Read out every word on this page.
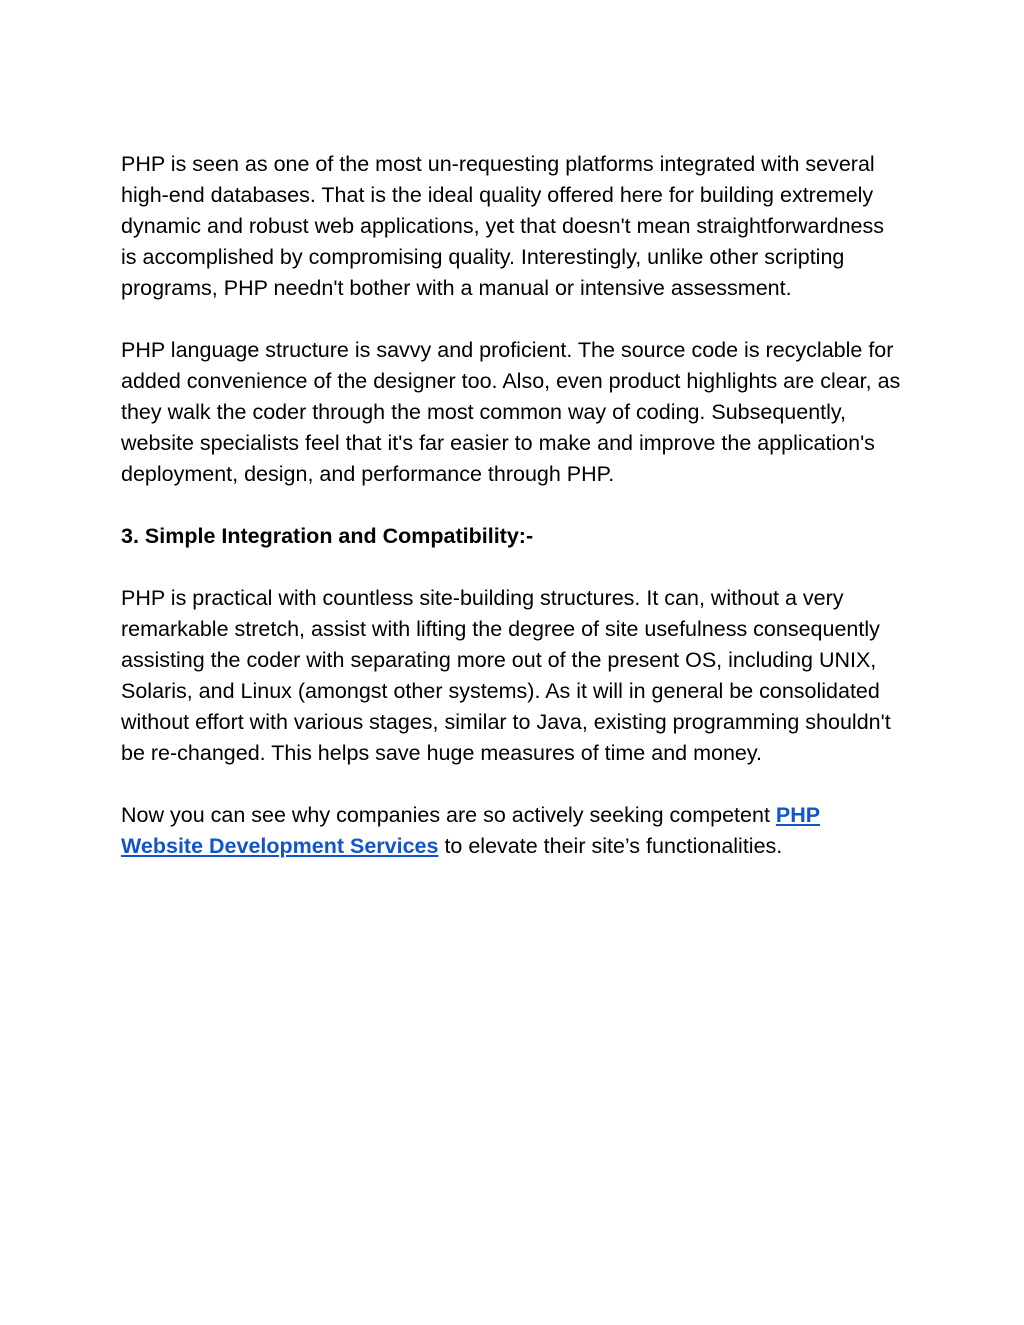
PHP is seen as one of the most un-requesting platforms integrated with several high-end databases. That is the ideal quality offered here for building extremely dynamic and robust web applications, yet that doesn't mean straightforwardness is accomplished by compromising quality. Interestingly, unlike other scripting programs, PHP needn't bother with a manual or intensive assessment.

PHP language structure is savvy and proficient. The source code is recyclable for added convenience of the designer too. Also, even product highlights are clear, as they walk the coder through the most common way of coding. Subsequently, website specialists feel that it's far easier to make and improve the application's deployment, design, and performance through PHP.

3. Simple Integration and Compatibility:-

PHP is practical with countless site-building structures. It can, without a very remarkable stretch, assist with lifting the degree of site usefulness consequently assisting the coder with separating more out of the present OS, including UNIX, Solaris, and Linux (amongst other systems). As it will in general be consolidated without effort with various stages, similar to Java, existing programming shouldn't be re-changed. This helps save huge measures of time and money.

Now you can see why companies are so actively seeking competent PHP Website Development Services to elevate their site’s functionalities.
